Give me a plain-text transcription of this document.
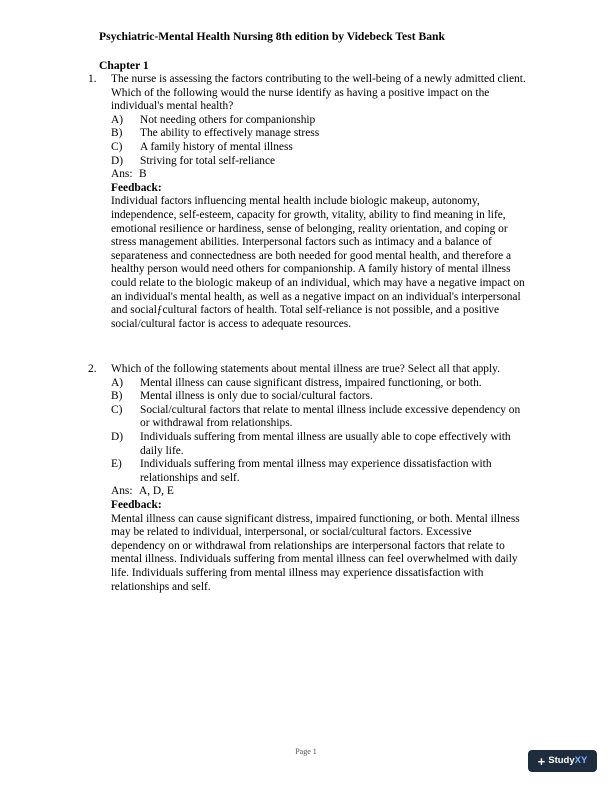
Psychiatric-Mental Health Nursing 8th edition by Videbeck Test Bank
Chapter 1
1. The nurse is assessing the factors contributing to the well-being of a newly admitted client. Which of the following would the nurse identify as having a positive impact on the individual's mental health?
A) Not needing others for companionship
B) The ability to effectively manage stress
C) A family history of mental illness
D) Striving for total self-reliance
Ans: B
Feedback:
Individual factors influencing mental health include biologic makeup, autonomy, independence, self-esteem, capacity for growth, vitality, ability to find meaning in life, emotional resilience or hardiness, sense of belonging, reality orientation, and coping or stress management abilities. Interpersonal factors such as intimacy and a balance of separateness and connectedness are both needed for good mental health, and therefore a healthy person would need others for companionship. A family history of mental illness could relate to the biologic makeup of an individual, which may have a negative impact on an individual's mental health, as well as a negative impact on an individual's interpersonal and socialƒcultural factors of health. Total self-reliance is not possible, and a positive social/cultural factor is access to adequate resources.
2. Which of the following statements about mental illness are true? Select all that apply.
A) Mental illness can cause significant distress, impaired functioning, or both.
B) Mental illness is only due to social/cultural factors.
C) Social/cultural factors that relate to mental illness include excessive dependency on or withdrawal from relationships.
D) Individuals suffering from mental illness are usually able to cope effectively with daily life.
E) Individuals suffering from mental illness may experience dissatisfaction with relationships and self.
Ans: A, D, E
Feedback:
Mental illness can cause significant distress, impaired functioning, or both. Mental illness may be related to individual, interpersonal, or social/cultural factors. Excessive dependency on or withdrawal from relationships are interpersonal factors that relate to mental illness. Individuals suffering from mental illness can feel overwhelmed with daily life. Individuals suffering from mental illness may experience dissatisfaction with relationships and self.
Page 1
+ StudyXY
